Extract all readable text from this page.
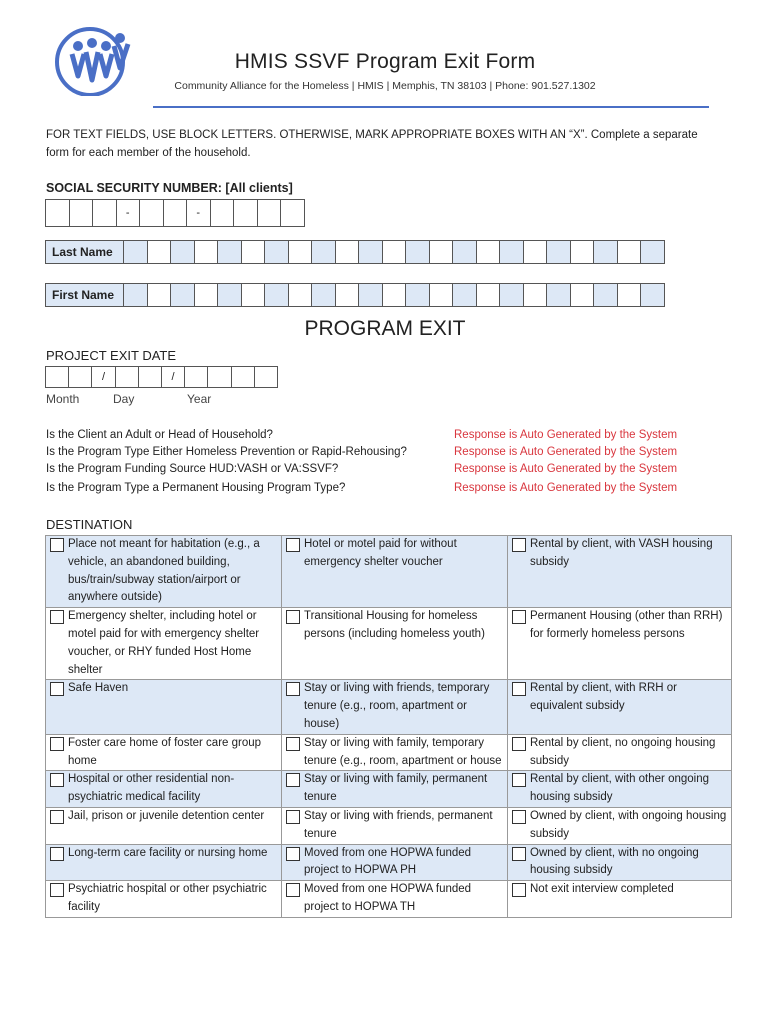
HMIS SSVF Program Exit Form
Community Alliance for the Homeless | HMIS | Memphis, TN 38103 | Phone: 901.527.1302
FOR TEXT FIELDS, USE BLOCK LETTERS. OTHERWISE, MARK APPROPRIATE BOXES WITH AN “X”. Complete a separate form for each member of the household.
SOCIAL SECURITY NUMBER: [All clients]
-	-
Last Name
First Name
PROGRAM EXIT
PROJECT EXIT DATE
/	/
Month	Day	Year
Is the Client an Adult or Head of Household?	Response is Auto Generated by the System
Is the Program Type Either Homeless Prevention or Rapid-Rehousing?	Response is Auto Generated by the System
Is the Program Funding Source HUD:VASH or VA:SSVF?	Response is Auto Generated by the System
Is the Program Type a Permanent Housing Program Type?	Response is Auto Generated by the System
DESTINATION
Place not meant for habitation (e.g., a vehicle, an abandoned building, bus/train/subway station/airport or anywhere outside)	Hotel or motel paid for without emergency shelter voucher	Rental by client, with VASH housing subsidy

Emergency shelter, including hotel or motel paid for with emergency shelter voucher, or RHY funded Host Home shelter	Transitional Housing for homeless persons (including homeless youth)	Permanent Housing (other than RRH) for formerly homeless persons

Safe Haven	Stay or living with friends, temporary tenure (e.g., room, apartment or house)	Rental by client, with RRH or equivalent subsidy

Foster care home of foster care group home	Stay or living with family, temporary tenure (e.g., room, apartment or house	Rental by client, no ongoing housing subsidy

Hospital or other residential non-psychiatric medical facility	Stay or living with family, permanent tenure	Rental by client, with other ongoing housing subsidy

Jail, prison or juvenile detention center	Stay or living with friends, permanent tenure	Owned by client, with ongoing housing subsidy

Long-term care facility or nursing home	Moved from one HOPWA funded project to HOPWA PH	Owned by client, with no ongoing housing subsidy

Psychiatric hospital or other psychiatric facility	Moved from one HOPWA funded project to HOPWA TH	Not exit interview completed
